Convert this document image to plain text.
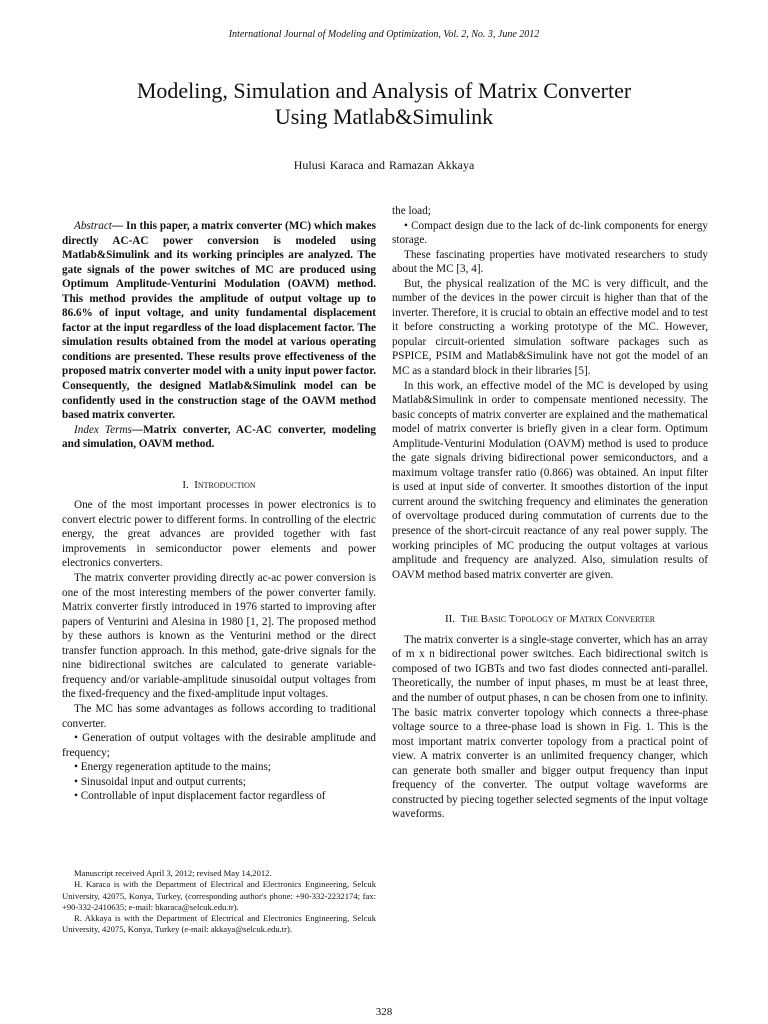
International Journal of Modeling and Optimization, Vol. 2, No. 3, June 2012
Modeling, Simulation and Analysis of Matrix Converter
Using Matlab&Simulink
Hulusi Karaca and Ramazan Akkaya

Abstract— In this paper, a matrix converter (MC) which makes directly AC-AC power conversion is modeled using Matlab&Simulink and its working principles are analyzed. The gate signals of the power switches of MC are produced using Optimum Amplitude-Venturini Modulation (OAVM) method. This method provides the amplitude of output voltage up to 86.6% of input voltage, and unity fundamental displacement factor at the input regardless of the load displacement factor. The simulation results obtained from the model at various operating conditions are presented. These results prove effectiveness of the proposed matrix converter model with a unity input power factor. Consequently, the designed Matlab&Simulink model can be confidently used in the construction stage of the OAVM method based matrix converter.

Index Terms—Matrix converter, AC-AC converter, modeling and simulation, OAVM method.

I. Introduction

One of the most important processes in power electronics is to convert electric power to different forms. In controlling of the electric energy, the great advances are provided together with fast improvements in semiconductor power elements and power electronics converters.

The matrix converter providing directly ac-ac power conversion is one of the most interesting members of the power converter family. Matrix converter firstly introduced in 1976 started to improving after papers of Venturini and Alesina in 1980 [1, 2]. The proposed method by these authors is known as the Venturini method or the direct transfer function approach. In this method, gate-drive signals for the nine bidirectional switches are calculated to generate variable-frequency and/or variable-amplitude sinusoidal output voltages from the fixed-frequency and the fixed-amplitude input voltages.

The MC has some advantages as follows according to traditional converter.

• Generation of output voltages with the desirable amplitude and frequency;

• Energy regeneration aptitude to the mains;

• Sinusoidal input and output currents;

• Controllable of input displacement factor regardless of

the load;

• Compact design due to the lack of dc-link components for energy storage.

These fascinating properties have motivated researchers to study about the MC [3, 4].

But, the physical realization of the MC is very difficult, and the number of the devices in the power circuit is higher than that of the inverter. Therefore, it is crucial to obtain an effective model and to test it before constructing a working prototype of the MC. However, popular circuit-oriented simulation software packages such as PSPICE, PSIM and Matlab&Simulink have not got the model of an MC as a standard block in their libraries [5].

In this work, an effective model of the MC is developed by using Matlab&Simulink in order to compensate mentioned necessity. The basic concepts of matrix converter are explained and the mathematical model of matrix converter is briefly given in a clear form. Optimum Amplitude-Venturini Modulation (OAVM) method is used to produce the gate signals driving bidirectional power semiconductors, and a maximum voltage transfer ratio (0.866) was obtained. An input filter is used at input side of converter. It smoothes distortion of the input current around the switching frequency and eliminates the generation of overvoltage produced during commutation of currents due to the presence of the short-circuit reactance of any real power supply. The working principles of MC producing the output voltages at various amplitude and frequency are analyzed. Also, simulation results of OAVM method based matrix converter are given.

II. The Basic Topology of Matrix Converter

The matrix converter is a single-stage converter, which has an array of m x n bidirectional power switches. Each bidirectional switch is composed of two IGBTs and two fast diodes connected anti-parallel. Theoretically, the number of input phases, m must be at least three, and the number of output phases, n can be chosen from one to infinity. The basic matrix converter topology which connects a three-phase voltage source to a three-phase load is shown in Fig. 1. This is the most important matrix converter topology from a practical point of view. A matrix converter is an unlimited frequency changer, which can generate both smaller and bigger output frequency than input frequency of the converter. The output voltage waveforms are constructed by piecing together selected segments of the input voltage waveforms.

Manuscript received April 3, 2012; revised May 14,2012.

H. Karaca is with the Department of Electrical and Electronics Engineering, Selcuk University, 42075, Konya, Turkey, (corresponding author's phone: +90-332-2232174; fax: +90-332-2410635; e-mail: hkaraca@selcuk.edu.tr).

R. Akkaya is with the Department of Electrical and Electronics Engineering, Selcuk University, 42075, Konya, Turkey (e-mail: akkaya@selcuk.edu.tr).

328
